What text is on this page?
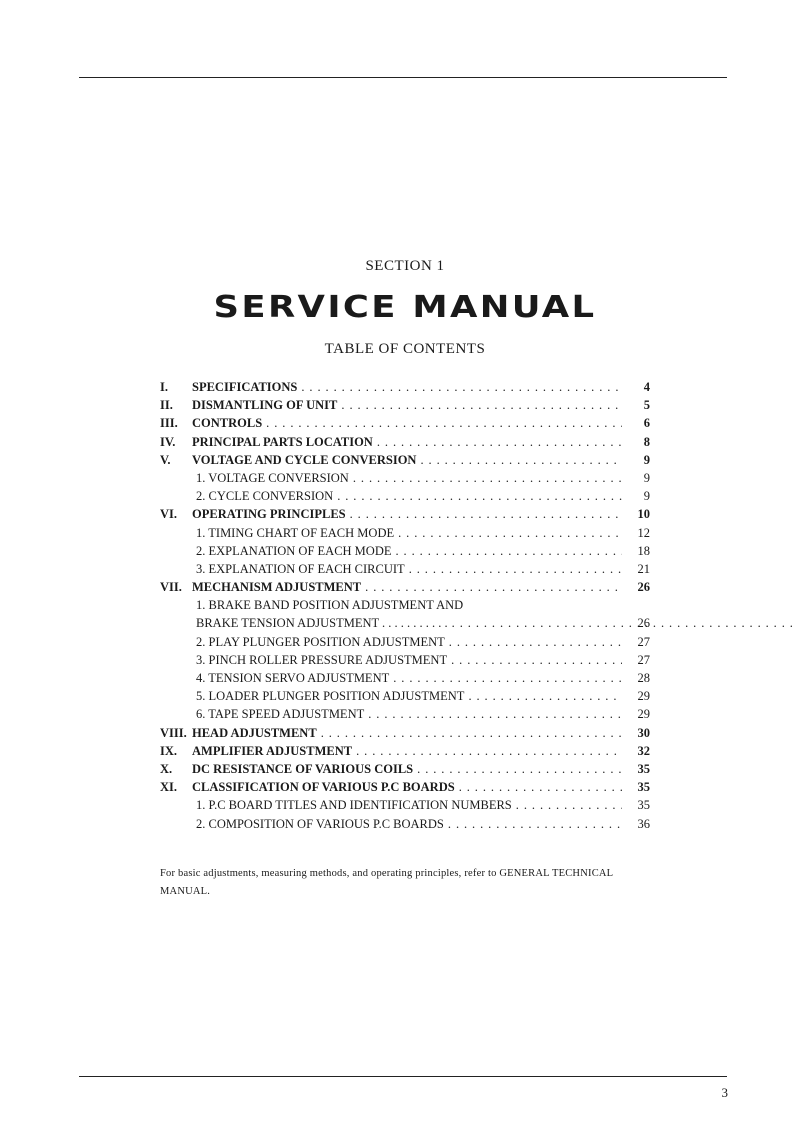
SECTION 1
SERVICE MANUAL
TABLE OF CONTENTS
I. SPECIFICATIONS . . .	4
II. DISMANTLING OF UNIT . . .	5
III. CONTROLS . . .	6
IV. PRINCIPAL PARTS LOCATION . . .	8
V. VOLTAGE AND CYCLE CONVERSION . . .	9
1. VOLTAGE CONVERSION . . .	9
2. CYCLE CONVERSION . . .	9
VI. OPERATING PRINCIPLES . . .	10
1. TIMING CHART OF EACH MODE . . .	12
2. EXPLANATION OF EACH MODE . . .	18
3. EXPLANATION OF EACH CIRCUIT . . .	21
VII. MECHANISM ADJUSTMENT . . .	26
1. BRAKE BAND POSITION ADJUSTMENT AND
BRAKE TENSION ADJUSTMENT . . . . . . . . . . . . . .	26
2. PLAY PLUNGER POSITION ADJUSTMENT . . .	27
3. PINCH ROLLER PRESSURE ADJUSTMENT . . .	27
4. TENSION SERVO ADJUSTMENT . . .	28
5. LOADER PLUNGER POSITION ADJUSTMENT . . .	29
6. TAPE SPEED ADJUSTMENT . . .	29
VIII. HEAD ADJUSTMENT . . .	30
IX. AMPLIFIER ADJUSTMENT . . .	32
X. DC RESISTANCE OF VARIOUS COILS . . .	35
XI. CLASSIFICATION OF VARIOUS P.C BOARDS . . .	35
1. P.C BOARD TITLES AND IDENTIFICATION NUMBERS . . .	35
2. COMPOSITION OF VARIOUS P.C BOARDS . . .	36
For basic adjustments, measuring methods, and operating principles, refer to GENERAL TECHNICAL MANUAL.
3
